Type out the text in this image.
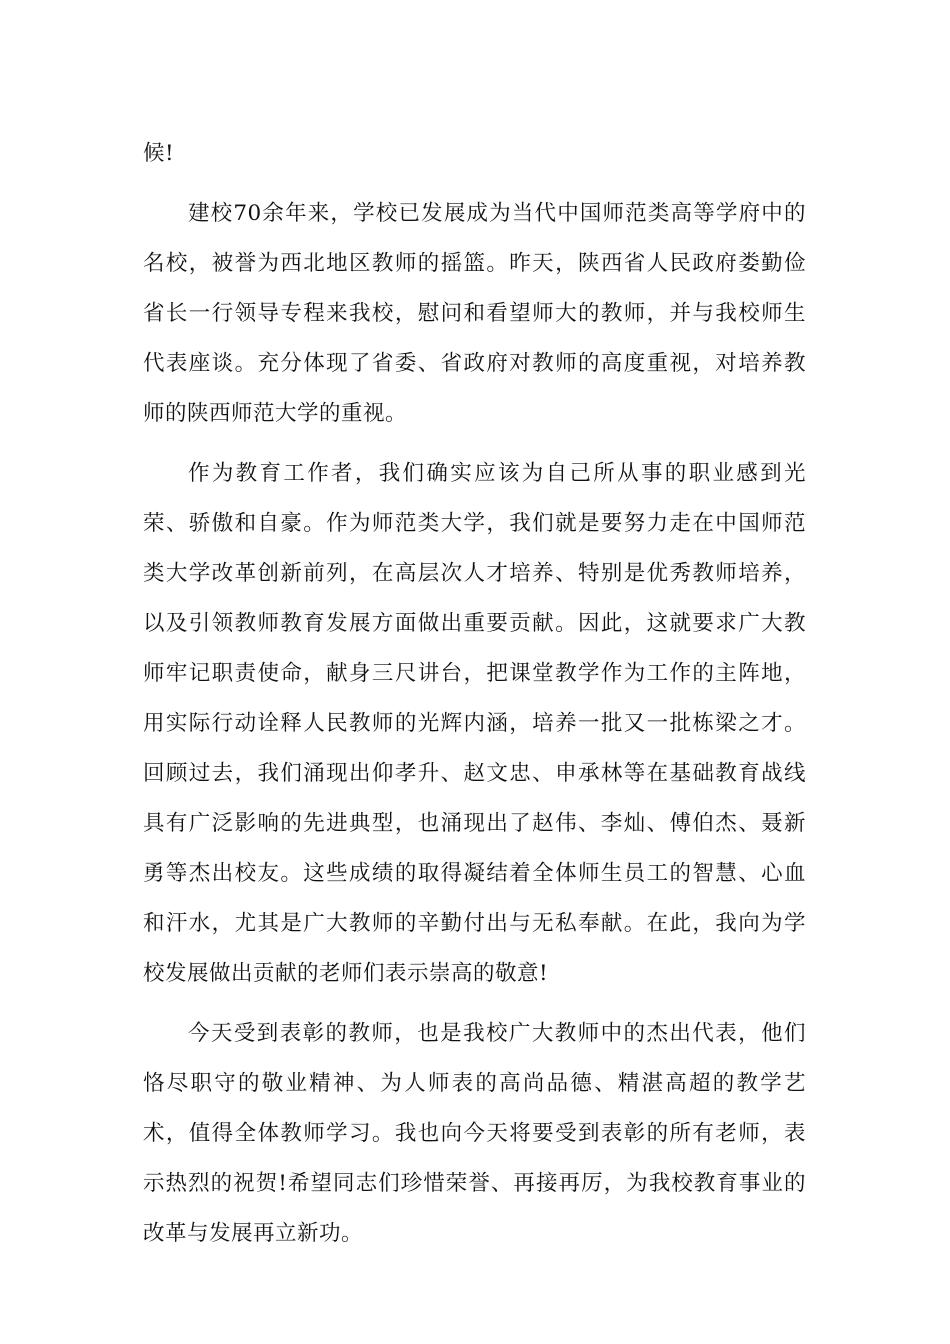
候!
建校70余年来，学校已发展成为当代中国师范类高等学府中的
名校，被誉为西北地区教师的摇篮。昨天，陕西省人民政府娄勤俭
省长一行领导专程来我校，慰问和看望师大的教师，并与我校师生
代表座谈。充分体现了省委、省政府对教师的高度重视，对培养教
师的陕西师范大学的重视。
作为教育工作者，我们确实应该为自己所从事的职业感到光
荣、骄傲和自豪。作为师范类大学，我们就是要努力走在中国师范
类大学改革创新前列，在高层次人才培养、特别是优秀教师培养，
以及引领教师教育发展方面做出重要贡献。因此，这就要求广大教
师牢记职责使命，献身三尺讲台，把课堂教学作为工作的主阵地，
用实际行动诠释人民教师的光辉内涵，培养一批又一批栋梁之才。
回顾过去，我们涌现出仰孝升、赵文忠、申承林等在基础教育战线
具有广泛影响的先进典型，也涌现出了赵伟、李灿、傅伯杰、聂新
勇等杰出校友。这些成绩的取得凝结着全体师生员工的智慧、心血
和汗水，尤其是广大教师的辛勤付出与无私奉献。在此，我向为学
校发展做出贡献的老师们表示崇高的敬意!
今天受到表彰的教师，也是我校广大教师中的杰出代表，他们
恪尽职守的敬业精神、为人师表的高尚品德、精湛高超的教学艺
术，值得全体教师学习。我也向今天将要受到表彰的所有老师，表
示热烈的祝贺!希望同志们珍惜荣誉、再接再厉，为我校教育事业的
改革与发展再立新功。
